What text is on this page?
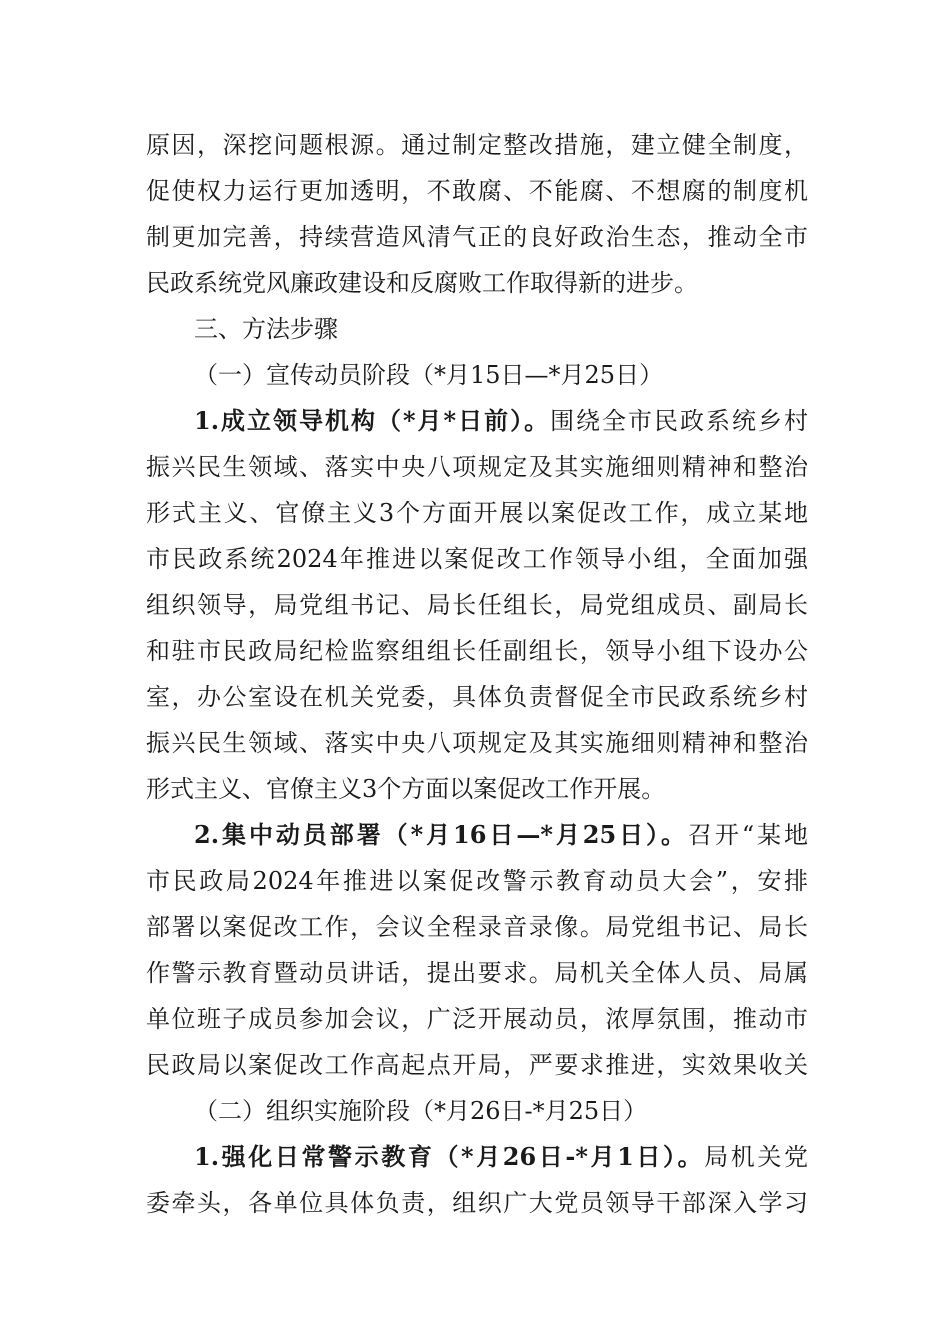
原因，深挖问题根源。通过制定整改措施，建立健全制度，
促使权力运行更加透明，不敢腐、不能腐、不想腐的制度机
制更加完善，持续营造风清气正的良好政治生态，推动全市
民政系统党风廉政建设和反腐败工作取得新的进步。
三、方法步骤
（一）宣传动员阶段（*月15日—*月25日）
1.成立领导机构（*月*日前）。围绕全市民政系统乡村
振兴民生领域、落实中央八项规定及其实施细则精神和整治
形式主义、官僚主义3个方面开展以案促改工作，成立某地
市民政系统2024年推进以案促改工作领导小组，全面加强
组织领导，局党组书记、局长任组长，局党组成员、副局长
和驻市民政局纪检监察组组长任副组长，领导小组下设办公
室，办公室设在机关党委，具体负责督促全市民政系统乡村
振兴民生领域、落实中央八项规定及其实施细则精神和整治
形式主义、官僚主义3个方面以案促改工作开展。
2.集中动员部署（*月16日—*月25日）。召开“某地
市民政局2024年推进以案促改警示教育动员大会”，安排
部署以案促改工作，会议全程录音录像。局党组书记、局长
作警示教育暨动员讲话，提出要求。局机关全体人员、局属
单位班子成员参加会议，广泛开展动员，浓厚氛围，推动市
民政局以案促改工作高起点开局，严要求推进，实效果收关
（二）组织实施阶段（*月26日-*月25日）
1.强化日常警示教育（*月26日-*月1日）。局机关党
委牵头，各单位具体负责，组织广大党员领导干部深入学习
